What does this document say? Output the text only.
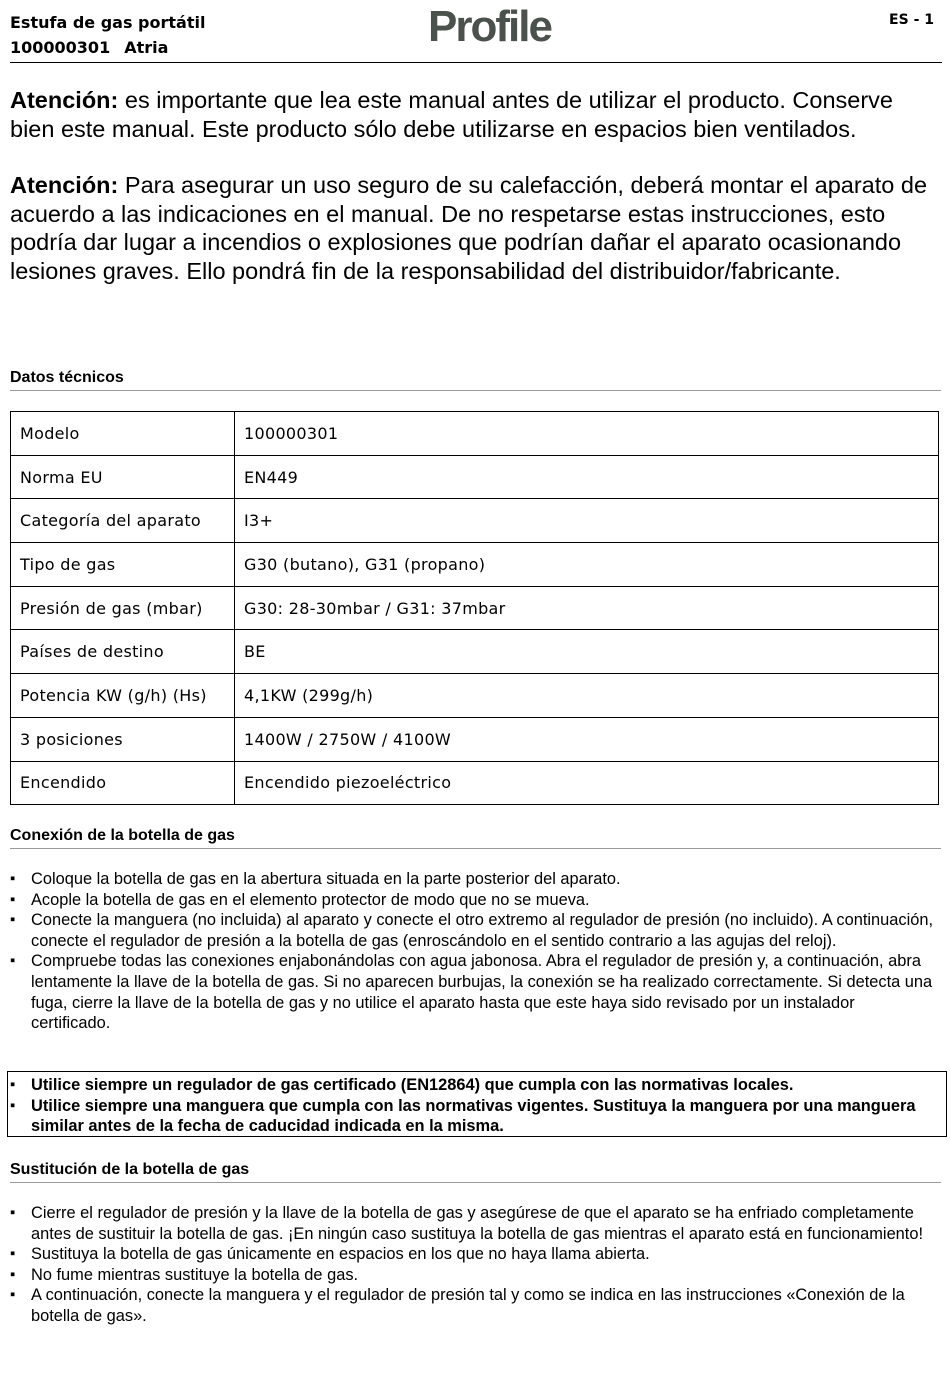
Estufa de gas portátil
100000301 Atria	Profile	ES - 1

Atención: es importante que lea este manual antes de utilizar el producto. Conserve bien este manual. Este producto sólo debe utilizarse en espacios bien ventilados.

Atención: Para asegurar un uso seguro de su calefacción, deberá montar el aparato de acuerdo a las indicaciones en el manual. De no respetarse estas instrucciones, esto podría dar lugar a incendios o explosiones que podrían dañar el aparato ocasionando lesiones graves. Ello pondrá fin de la responsabilidad del distribuidor/fabricante.

Datos técnicos
Modelo	100000301
Norma EU	EN449
Categoría del aparato	I3+
Tipo de gas	G30 (butano), G31 (propano)
Presión de gas (mbar)	G30: 28-30mbar / G31: 37mbar
Países de destino	BE
Potencia KW (g/h) (Hs)	4,1KW (299g/h)
3 posiciones	1400W / 2750W / 4100W
Encendido	Encendido piezoeléctrico
Conexión de la botella de gas
▪ Coloque la botella de gas en la abertura situada en la parte posterior del aparato.
▪ Acople la botella de gas en el elemento protector de modo que no se mueva.
▪ Conecte la manguera (no incluida) al aparato y conecte el otro extremo al regulador de presión (no incluido). A continuación, conecte el regulador de presión a la botella de gas (enroscándolo en el sentido contrario a las agujas del reloj).
▪ Compruebe todas las conexiones enjabonándolas con agua jabonosa. Abra el regulador de presión y, a continuación, abra lentamente la llave de la botella de gas. Si no aparecen burbujas, la conexión se ha realizado correctamente. Si detecta una fuga, cierre la llave de la botella de gas y no utilice el aparato hasta que este haya sido revisado por un instalador certificado.
▪ Utilice siempre un regulador de gas certificado (EN12864) que cumpla con las normativas locales.
▪ Utilice siempre una manguera que cumpla con las normativas vigentes. Sustituya la manguera por una manguera similar antes de la fecha de caducidad indicada en la misma.
Sustitución de la botella de gas
▪ Cierre el regulador de presión y la llave de la botella de gas y asegúrese de que el aparato se ha enfriado completamente antes de sustituir la botella de gas. ¡En ningún caso sustituya la botella de gas mientras el aparato está en funcionamiento!
▪ Sustituya la botella de gas únicamente en espacios en los que no haya llama abierta.
▪ No fume mientras sustituye la botella de gas.
▪ A continuación, conecte la manguera y el regulador de presión tal y como se indica en las instrucciones «Conexión de la botella de gas».
